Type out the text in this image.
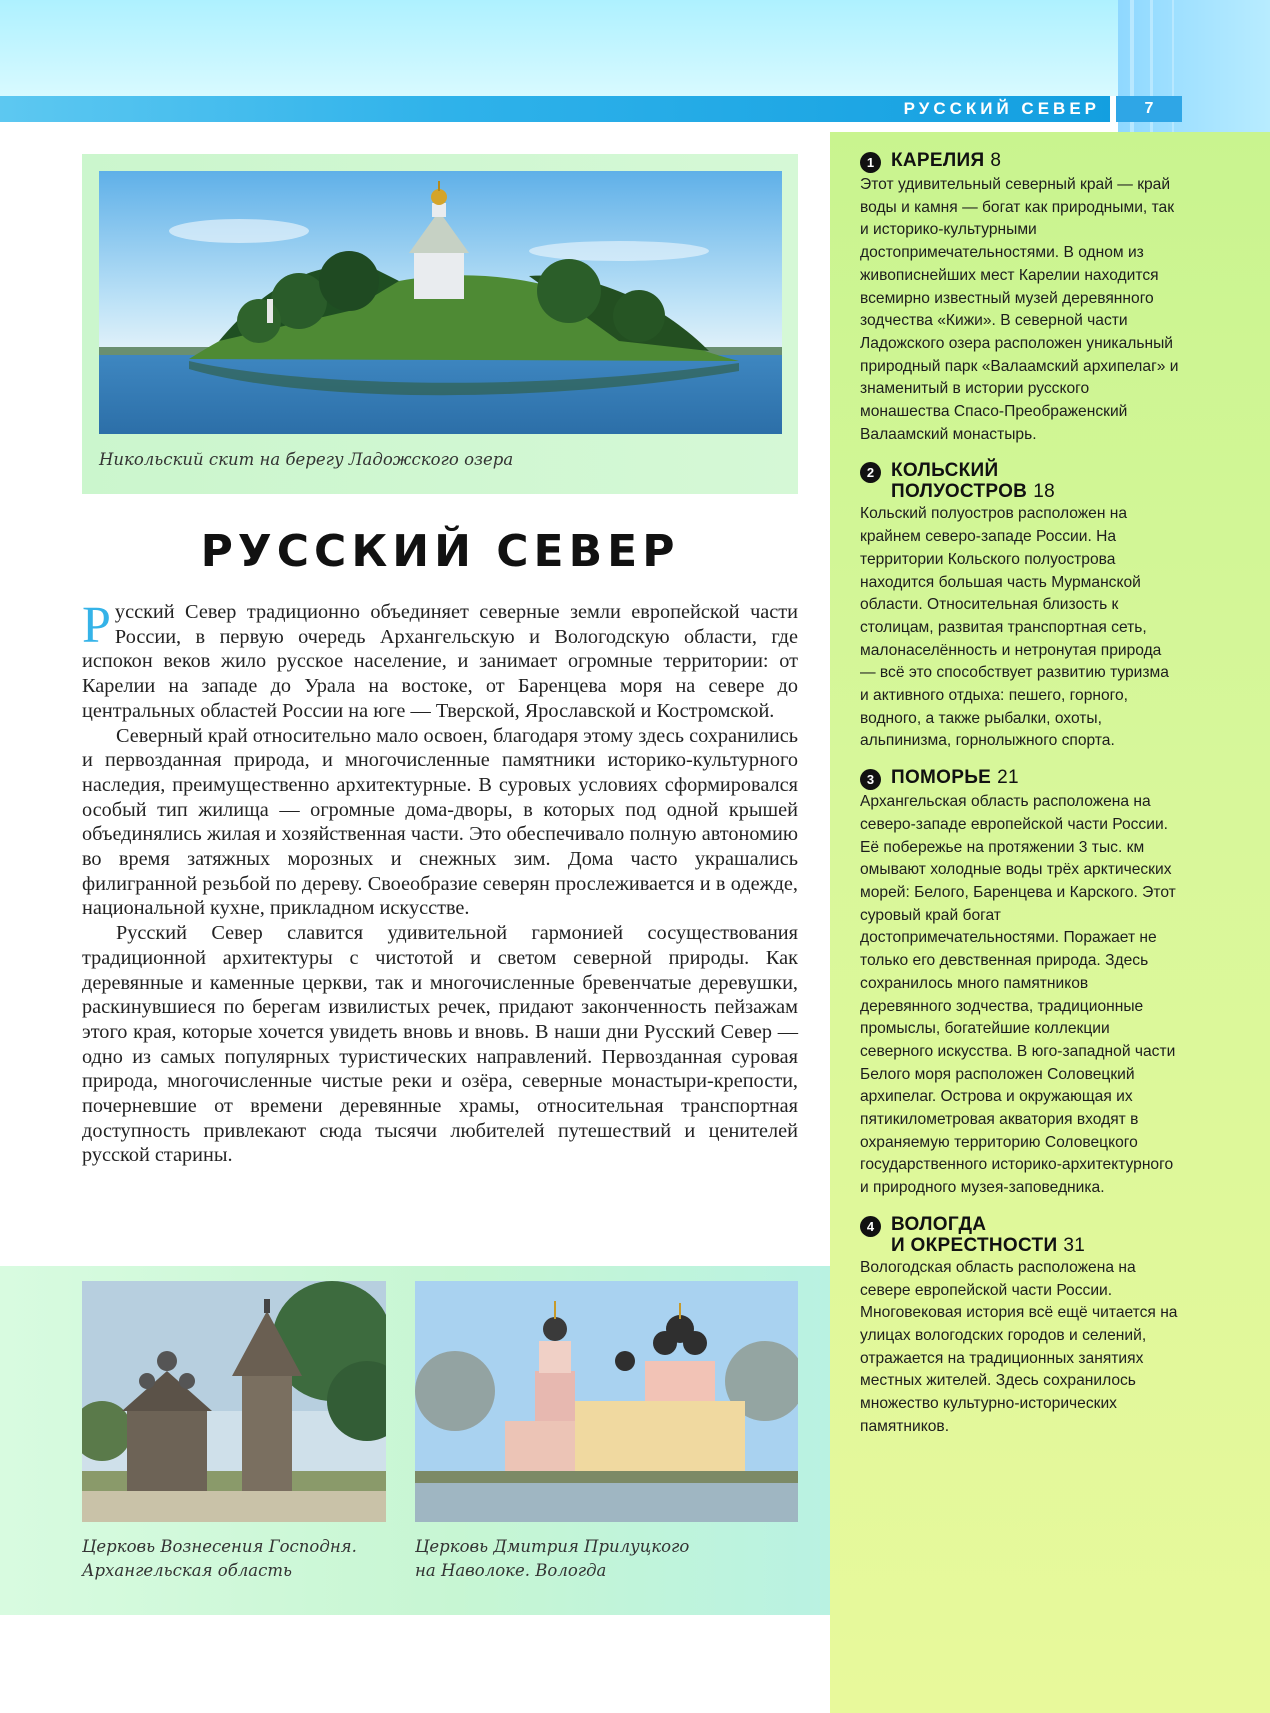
РУССКИЙ СЕВЕР	7
Никольский скит на берегу Ладожского озера
РУССКИЙ СЕВЕР

Русский Север традиционно объединяет северные земли европейской части России, в первую очередь Архангельскую и Вологодскую области, где испокон веков жило русское население, и занимает огромные территории: от Карелии на западе до Урала на востоке, от Баренцева моря на севере до центральных областей России на юге — Тверской, Ярославской и Костромской.

Северный край относительно мало освоен, благодаря этому здесь сохранились и первозданная природа, и многочисленные памятники историко-культурного наследия, преимущественно архитектурные. В суровых условиях сформировался особый тип жилища — огромные дома-дворы, в которых под одной крышей объединялись жилая и хозяйственная части. Это обеспечивало полную автономию во время затяжных морозных и снежных зим. Дома часто украшались филигранной резьбой по дереву. Своеобразие северян прослеживается и в одежде, национальной кухне, прикладном искусстве.

Русский Север славится удивительной гармонией сосуществования традиционной архитектуры с чистотой и светом северной природы. Как деревянные и каменные церкви, так и многочисленные бревенчатые деревушки, раскинувшиеся по берегам извилистых речек, придают законченность пейзажам этого края, которые хочется увидеть вновь и вновь. В наши дни Русский Север — одно из самых популярных туристических направлений. Первозданная суровая природа, многочисленные чистые реки и озёра, северные монастыри-крепости, почерневшие от времени деревянные храмы, относительная транспортная доступность привлекают сюда тысячи любителей путешествий и ценителей русской старины.

Церковь Вознесения Господня.
Архангельская область
Церковь Дмитрия Прилуцкого
на Наволоке. Вологда
1 КАРЕЛИЯ 8
Этот удивительный северный край — край воды и камня — богат как природными, так и историко-культурными достопримечательностями. В одном из живописнейших мест Карелии находится всемирно известный музей деревянного зодчества «Кижи». В северной части Ладожского озера расположен уникальный природный парк «Валаамский архипелаг» и знаменитый в истории русского монашества Спасо-Преображенский Валаамский монастырь.
2 КОЛЬСКИЙ
ПОЛУОСТРОВ 18
Кольский полуостров расположен на крайнем северо-западе России. На территории Кольского полуострова находится большая часть Мурманской области. Относительная близость к столицам, развитая транспортная сеть, малонаселённость и нетронутая природа — всё это способствует развитию туризма и активного отдыха: пешего, горного, водного, а также рыбалки, охоты, альпинизма, горнолыжного спорта.
3 ПОМОРЬЕ 21
Архангельская область расположена на северо-западе европейской части России. Её побережье на протяжении 3 тыс. км омывают холодные воды трёх арктических морей: Белого, Баренцева и Карского. Этот суровый край богат достопримечательностями. Поражает не только его девственная природа. Здесь сохранилось много памятников деревянного зодчества, традиционные промыслы, богатейшие коллекции северного искусства. В юго-западной части Белого моря расположен Соловецкий архипелаг. Острова и окружающая их пятикилометровая акватория входят в охраняемую территорию Соловецкого государственного историко-архитектурного и природного музея-заповедника.
4 ВОЛОГДА
И ОКРЕСТНОСТИ 31
Вологодская область расположена на севере европейской части России. Многовековая история всё ещё читается на улицах вологодских городов и селений, отражается на традиционных занятиях местных жителей. Здесь сохранилось множество культурно-исторических памятников.
